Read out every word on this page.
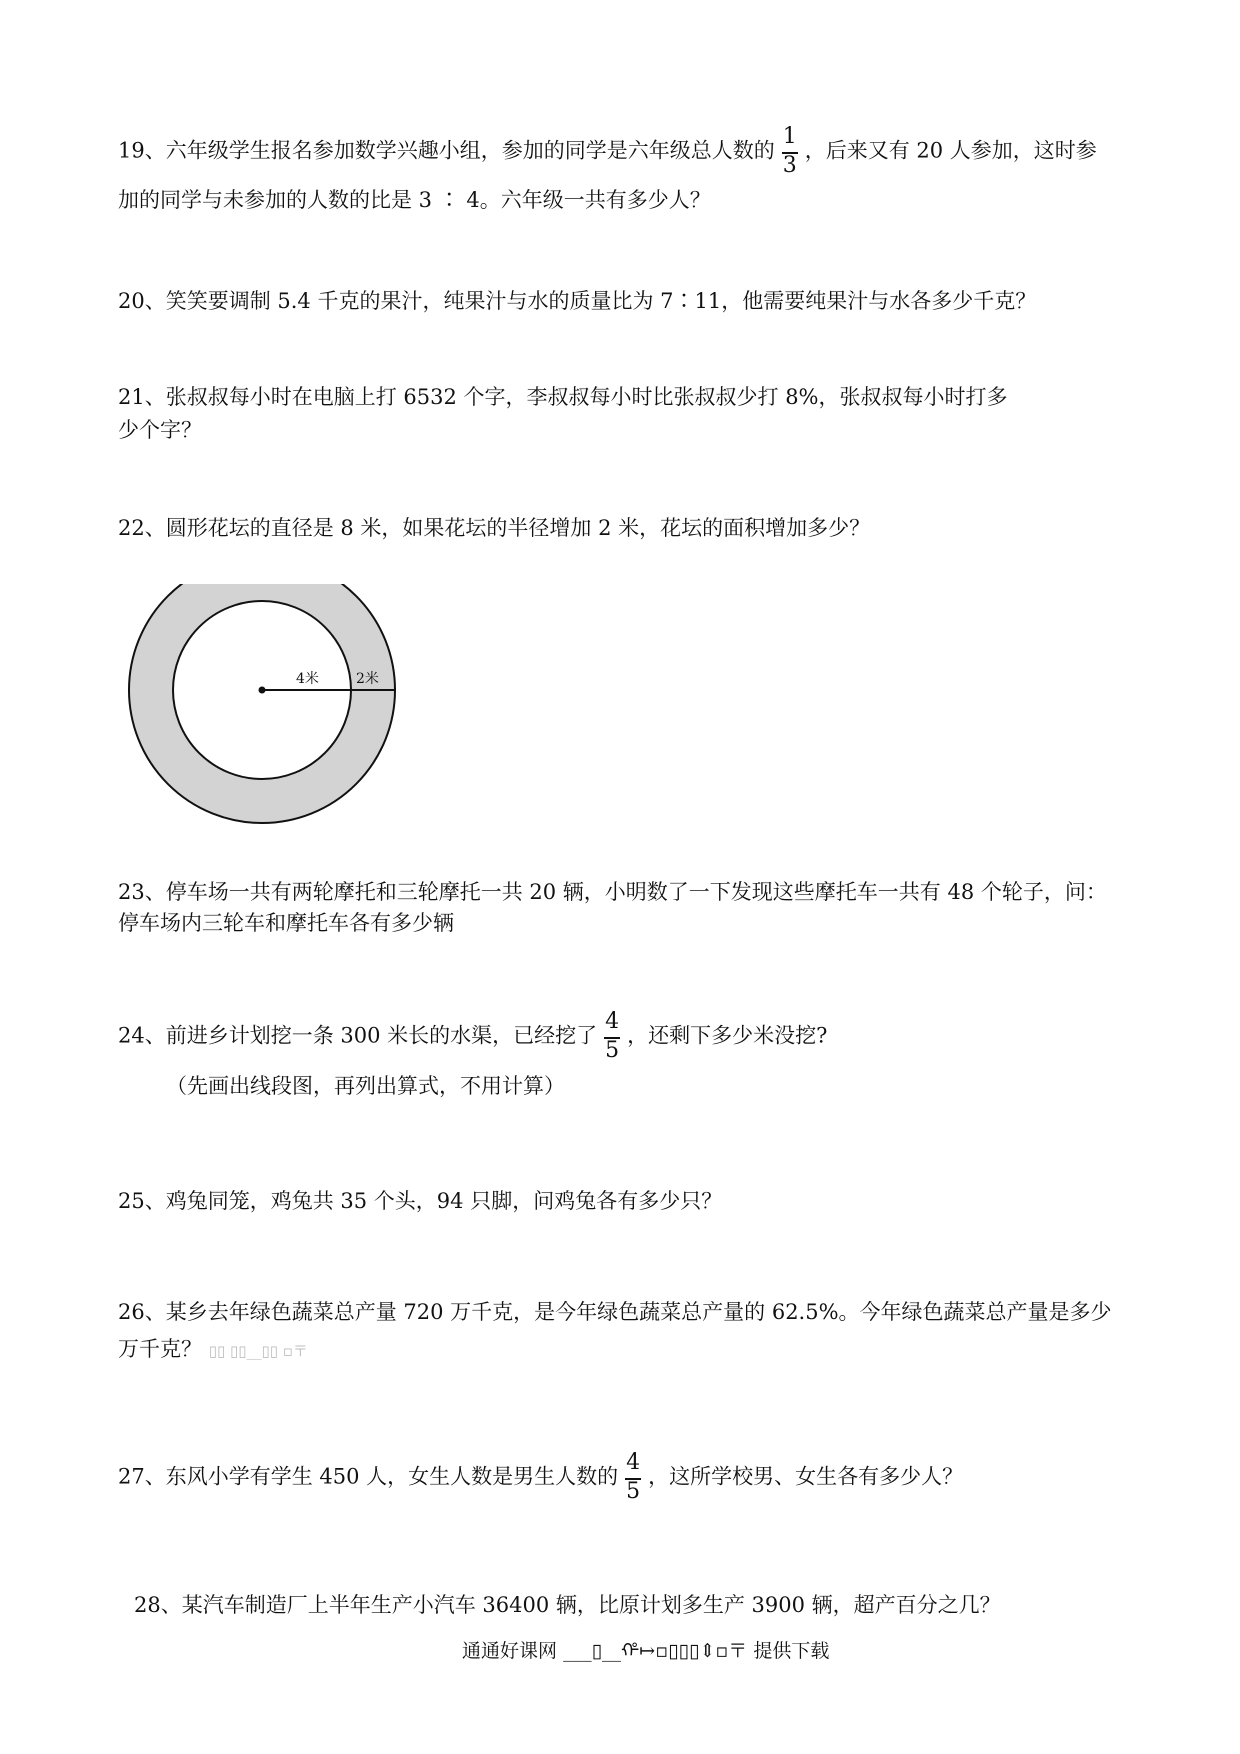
19、六年级学生报名参加数学兴趣小组，参加的同学是六年级总人数的 $\frac{1}{3}$ ，后来又有 20 人参加，这时参
加的同学与未参加的人数的比是 3 ∶ 4。六年级一共有多少人？
20、笑笑要调制 5.4 千克的果汁，纯果汁与水的质量比为 7∶11，他需要纯果汁与水各多少千克？
21、张叔叔每小时在电脑上打 6532 个字，李叔叔每小时比张叔叔少打 8%，张叔叔每小时打多
少个字？
22、圆形花坛的直径是 8 米，如果花坛的半径增加 2 米，花坛的面积增加多少？
4米	2米
23、停车场一共有两轮摩托和三轮摩托一共 20 辆，小明数了一下发现这些摩托车一共有 48 个轮子，问：
停车场内三轮车和摩托车各有多少辆
24、前进乡计划挖一条 300 米长的水渠，已经挖了 $\frac{4}{5}$ ，还剩下多少米没挖?
（先画出线段图，再列出算式，不用计算）
25、鸡兔同笼，鸡兔共 35 个头，94 只脚，问鸡兔各有多少只？
26、某乡去年绿色蔬菜总产量 720 万千克，是今年绿色蔬菜总产量的 62.5%。今年绿色蔬菜总产量是多少
万千克？ ▯▯ ▯▯__▯▯ ▫〒
27、东风小学有学生 450 人，女生人数是男生人数的 $\frac{4}{5}$ ，这所学校男、女生各有多少人？
28、某汽车制造厂上半年生产小汽车 36400 辆，比原计划多生产 3900 辆，超产百分之几？
通通好课网 ___▯__ᡥ↦▫▯▯▯⇕▫〒 提供下载
